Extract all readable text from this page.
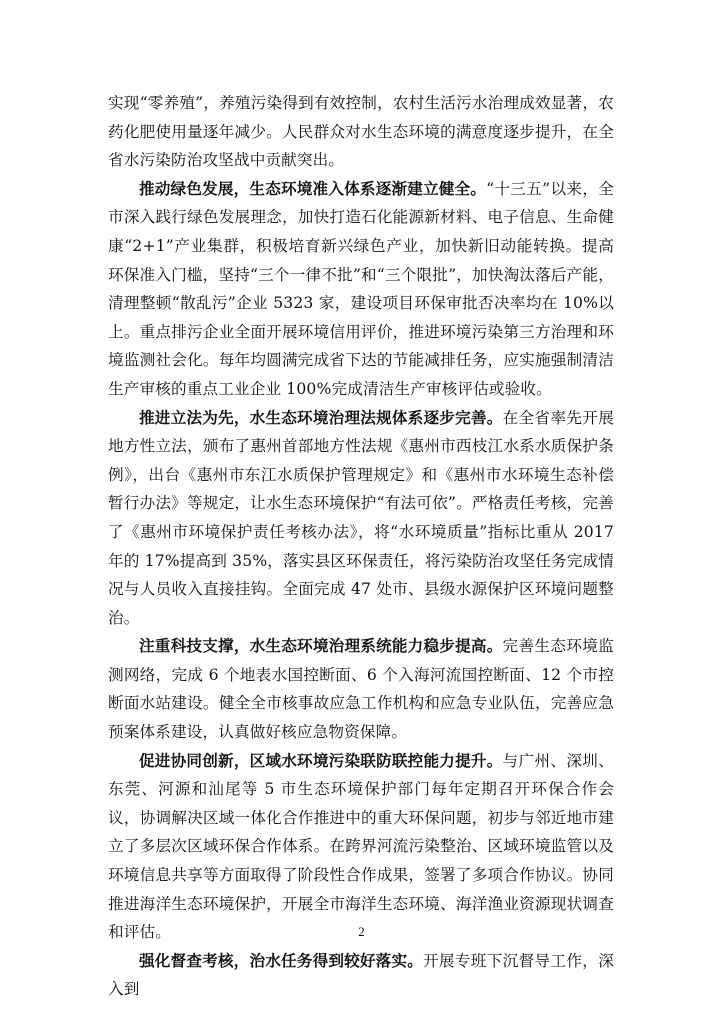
实现“零养殖”，养殖污染得到有效控制，农村生活污水治理成效显著，农药化肥使用量逐年减少。人民群众对水生态环境的满意度逐步提升，在全省水污染防治攻坚战中贡献突出。

推动绿色发展，生态环境准入体系逐渐建立健全。“十三五”以来，全市深入践行绿色发展理念，加快打造石化能源新材料、电子信息、生命健康“2+1”产业集群，积极培育新兴绿色产业，加快新旧动能转换。提高环保准入门槛，坚持“三个一律不批”和“三个限批”，加快淘汰落后产能，清理整顿“散乱污”企业 5323 家，建设项目环保审批否决率均在 10%以上。重点排污企业全面开展环境信用评价，推进环境污染第三方治理和环境监测社会化。每年均圆满完成省下达的节能减排任务，应实施强制清洁生产审核的重点工业企业 100%完成清洁生产审核评估或验收。

推进立法为先，水生态环境治理法规体系逐步完善。在全省率先开展地方性立法，颁布了惠州首部地方性法规《惠州市西枝江水系水质保护条例》，出台《惠州市东江水质保护管理规定》和《惠州市水环境生态补偿暂行办法》等规定，让水生态环境保护“有法可依”。严格责任考核，完善了《惠州市环境保护责任考核办法》，将“水环境质量”指标比重从 2017 年的 17%提高到 35%，落实县区环保责任，将污染防治攻坚任务完成情况与人员收入直接挂钩。全面完成 47 处市、县级水源保护区环境问题整治。

注重科技支撑，水生态环境治理系统能力稳步提高。完善生态环境监测网络，完成 6 个地表水国控断面、6 个入海河流国控断面、12 个市控断面水站建设。健全全市核事故应急工作机构和应急专业队伍，完善应急预案体系建设，认真做好核应急物资保障。

促进协同创新，区域水环境污染联防联控能力提升。与广州、深圳、东莞、河源和汕尾等 5 市生态环境保护部门每年定期召开环保合作会议，协调解决区域一体化合作推进中的重大环保问题，初步与邻近地市建立了多层次区域环保合作体系。在跨界河流污染整治、区域环境监管以及环境信息共享等方面取得了阶段性合作成果，签署了多项合作协议。协同推进海洋生态环境保护，开展全市海洋生态环境、海洋渔业资源现状调查和评估。

强化督查考核，治水任务得到较好落实。开展专班下沉督导工作，深入到

2
